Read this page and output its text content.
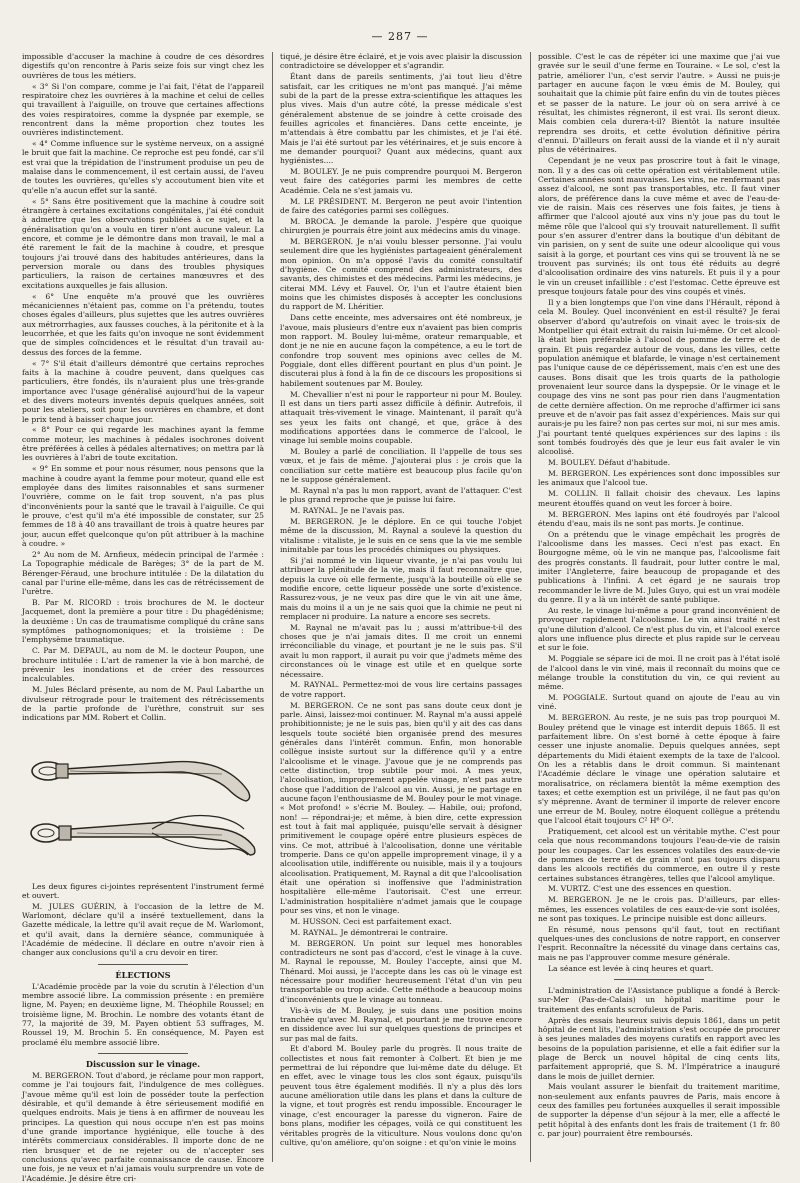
— 287 —

impossible d'accuser la machine à coudre de ces désordres digestifs qu'on rencontre à Paris seize fois sur vingt chez les ouvrières de tous les métiers.

« 3° Si l'on compare, comme je l'ai fait, l'état de l'appareil respiratoire chez les ouvrières à la machine et celui de celles qui travaillent à l'aiguille, on trouve que certaines affections des voies respiratoires, comme la dyspnée par exemple, se rencontrent dans la même proportion chez toutes les ouvrières indistinctement.

« 4° Comme influence sur le système nerveux, on a assigné le bruit que fait la machine. Ce reproche est peu fondé, car s'il est vrai que la trépidation de l'instrument produise un peu de malaise dans le commencement, il est certain aussi, de l'aveu de toutes les ouvrières, qu'elles s'y accoutument bien vite et qu'elle n'a aucun effet sur la santé.

« 5° Sans être positivement que la machine à coudre soit étrangère à certaines excitations congénitales, j'ai été conduit à admettre que les observations publiées à ce sujet, et la généralisation qu'on a voulu en tirer n'ont aucune valeur. La encore, et comme je le démontre dans mon travail, le mal a été rarement le fait de la machine à coudre, et presque toujours j'ai trouvé dans des habitudes antérieures, dans la perversion morale ou dans des troubles physiques particuliers, la raison de certaines manœuvres et des excitations auxquelles je fais allusion.

« 6° Une enquête m'a prouvé que les ouvrières mécaniciennes n'étaient pas, comme on l'a prétendu, toutes choses égales d'ailleurs, plus sujettes que les autres ouvrières aux métrorrhagies, aux fausses couches, à la péritonite et à la leucorrhée, et que les faits qu'on invoque ne sont évidemment que de simples coïncidences et le résultat d'un travail au-dessus des forces de la femme.

« 7° S'il était d'ailleurs démontré que certains reproches faits à la machine à coudre peuvent, dans quelques cas particuliers, être fondés, ils n'auraient plus une très-grande importance avec l'usage généralisé aujourd'hui de la vapeur et des divers moteurs inventés depuis quelques années, soit pour les ateliers, soit pour les ouvrières en chambre, et dont le prix tend à baisser chaque jour.

« 8° Pour ce qui regarde les machines ayant la femme comme moteur, les machines à pédales isochrones doivent être préférées à celles à pédales alternatives; on mettra par là les ouvrières à l'abri de toute excitation.

« 9° En somme et pour nous résumer, nous pensons que la machine à coudre ayant la femme pour moteur, quand elle est employée dans des limites raisonnables et sans surmener l'ouvrière, comme on le fait trop souvent, n'a pas plus d'inconvénients pour la santé que le travail à l'aiguille. Ce qui le prouve, c'est qu'il m'a été impossible de constater, sur 25 femmes de 18 à 40 ans travaillant de trois à quatre heures par jour, aucun effet quelconque qu'on pût attribuer à la machine à coudre. »

2° Au nom de M. Arnfieux, médecin principal de l'armée : La Topographie médicale de Barèges; 3° de la part de M. Bérenger-Féraud, une brochure intitulée : De la dilatation du canal par l'urine elle-même, dans les cas de rétrécissement de l'urètre.

B. Par M. RICORD : trois brochures de M. le docteur Jacquemet, dont la première a pour titre : Du phagédénisme; la deuxième : Un cas de traumatisme compliqué du crâne sans symptômes pathognomoniques; et la troisième : De l'emphysème traumatique.

C. Par M. DEPAUL, au nom de M. le docteur Poupon, une brochure intitulée : L'art de ramener la vie à bon marché, de prévenir les inondations et de créer des ressources incalculables.

M. Jules Béclard présente, au nom de M. Paul Labarthe un divulseur rétrograde pour le traitement des rétrécissements de la partie profonde de l'urèthre, construit sur ses indications par MM. Robert et Collin.

Les deux figures ci-jointes représentent l'instrument fermé et ouvert.

M. JULES GUÉRIN, à l'occasion de la lettre de M. Warlomont, déclare qu'il a inséré textuellement, dans la Gazette médicale, la lettre qu'il avait reçue de M. Warlomont, et qu'il avait, dans la dernière séance, communiquée à l'Académie de médecine. Il déclare en outre n'avoir rien à changer aux conclusions qu'il a cru devoir en tirer.

ÉLECTIONS

L'Académie procède par la voie du scrutin à l'élection d'un membre associé libre. La commission présente : en première ligne, M. Payen; en deuxième ligne, M. Théophile Roussel; en troisième ligne, M. Brochin. Le nombre des votants étant de 77, la majorité de 39, M. Payen obtient 53 suffrages, M. Roussel 19, M. Brochin 5. En conséquence, M. Payen est proclamé élu membre associé libre.

Discussion sur le vinage.

M. BERGERON. Tout d'abord, je réclame pour mon rapport, comme je l'ai toujours fait, l'indulgence de mes collègues. J'avoue même qu'il est loin de posséder toute la perfection désirable, et qu'il demande à être sérieusement modifié en quelques endroits. Mais je tiens à en affirmer de nouveau les principes. La question qui nous occupe n'en est pas moins d'une grande importance hygiénique, elle touche à des intérêts commerciaux considérables. Il importe donc de ne rien brusquer et de ne rejeter ou de n'accepter ses conclusions qu'avec parfaite connaissance de cause. Encore une fois, je ne veux et n'ai jamais voulu surprendre un vote de l'Académie. Je désire être cri-

tiqué, je désire être éclairé, et je vois avec plaisir la discussion contradictoire se développer et s'agrandir.

Étant dans de pareils sentiments, j'ai tout lieu d'être satisfait, car les critiques ne m'ont pas manqué. J'ai même subi de la part de la presse extra-scientifique les attaques les plus vives. Mais d'un autre côté, la presse médicale s'est généralement abstenue de se joindre à cette croisade des feuilles agricoles et financières. Dans cette enceinte, je m'attendais à être combattu par les chimistes, et je l'ai été. Mais je l'ai été surtout par les vétérinaires, et je suis encore à me demander pourquoi? Quant aux médecins, quant aux hygiénistes....

M. BOULEY. Je ne puis comprendre pourquoi M. Bergeron veut faire des catégories parmi les membres de cette Académie. Cela ne s'est jamais vu.

M. LE PRÉSIDENT. M. Bergeron ne peut avoir l'intention de faire des catégories parmi ses collègues.

M. BROCA. Je demande la parole. J'espère que quoique chirurgien je pourrais être joint aux médecins amis du vinage.

M. BERGERON. Je n'ai voulu blesser personne. J'ai voulu seulement dire que les hygiénistes partageaient généralement mon opinion. On m'a opposé l'avis du comité consultatif d'hygiène. Ce comité comprend des administrateurs, des savants, des chimistes et des médecins. Parmi les médecins, je citerai MM. Lévy et Fauvel. Or, l'un et l'autre étaient bien moins que les chimistes disposés à accepter les conclusions du rapport de M. Lhéritier.

Dans cette enceinte, mes adversaires ont été nombreux, je l'avoue, mais plusieurs d'entre eux n'avaient pas bien compris mon rapport. M. Bouley lui-même, orateur remarquable, et dont je ne nie en aucune façon la compétence, a eu le tort de confondre trop souvent mes opinions avec celles de M. Poggiale, dont elles diffèrent pourtant en plus d'un point. Je discuterai plus à fond à la fin de ce discours les propositions si habilement soutenues par M. Bouley.

M. Chevallier n'est ni pour le rapporteur ni pour M. Bouley. Il est dans un tiers parti assez difficile à définir. Autrefois, il attaquait très-vivement le vinage. Maintenant, il paraît qu'à ses yeux les faits ont changé, et que, grâce à des modifications apportées dans le commerce de l'alcool, le vinage lui semble moins coupable.

M. Bouley a parlé de conciliation. Il l'appelle de tous ses vœux, et je fais de même. J'ajouterai plus : je crois que la conciliation sur cette matière est beaucoup plus facile qu'on ne le suppose généralement.

M. Raynal n'a pas lu mon rapport, avant de l'attaquer. C'est le plus grand reproche que je puisse lui faire.

M. RAYNAL. Je ne l'avais pas.

M. BERGERON. Je le déplore. En ce qui touche l'objet même de la discussion, M. Raynal a soulevé la question du vitalisme : vitaliste, je le suis en ce sens que la vie me semble inimitable par tous les procédés chimiques ou physiques.

Si j'ai nommé le vin liqueur vivante, je n'ai pas voulu lui attribuer la plénitude de la vie, mais il faut reconnaître que, depuis la cuve où elle fermente, jusqu'à la bouteille où elle se modifie encore, cette liqueur possède une sorte d'existence. Rassurez-vous, je ne veux pas dire que le vin ait une âme, mais du moins il a un je ne sais quoi que la chimie ne peut ni remplacer ni produire. La nature a encore ses secrets.

M. Raynal ne m'avait pas lu ; aussi m'attribue-t-il des choses que je n'ai jamais dites. Il me croit un ennemi irréconciliable du vinage, et pourtant je ne le suis pas. S'il avait lu mon rapport, il aurait pu voir que j'admets même des circonstances où le vinage est utile et en quelque sorte nécessaire.

M. RAYNAL. Permettez-moi de vous lire certains passages de votre rapport.

M. BERGERON. Ce ne sont pas sans doute ceux dont je parle. Ainsi, laissez-moi continuer. M. Raynal m'a aussi appelé prohibitionniste; je ne le suis pas, bien qu'il y ait des cas dans lesquels toute société bien organisée prend des mesures générales dans l'intérêt commun. Enfin, mon honorable collègue insiste surtout sur la différence qu'il y a entre l'alcoolisme et le vinage. J'avoue que je ne comprends pas cette distinction, trop subtile pour moi. A mes yeux, l'alcoolisation, improprement appelée vinage, n'est pas autre chose que l'addition de l'alcool au vin. Aussi, je ne partage en aucune façon l'enthousiasme de M. Bouley pour le mot vinage. « Mot profond! » s'écrie M. Bouley. — Habile, oui; profond, non! — répondrai-je; et même, à bien dire, cette expression est tout à fait mal appliquée, puisqu'elle servait à désigner primitivement le coupage opéré entre plusieurs espèces de vins. Ce mot, attribué à l'alcoolisation, donne une véritable tromperie. Dans ce qu'on appelle improprement vinage, il y a alcoolisation utile, indifférente ou nuisible, mais il y a toujours alcoolisation. Pratiquement, M. Raynal a dit que l'alcoolisation était une opération si inoffensive que l'administration hospitalière elle-même l'autorisait. C'est une erreur. L'administration hospitalière n'admet jamais que le coupage pour ses vins, et non le vinage.

M. HUSSON. Ceci est parfaitement exact.

M. RAYNAL. Je démontrerai le contraire.

M. BERGERON. Un point sur lequel mes honorables contradicteurs ne sont pas d'accord, c'est le vinage à la cuve. M. Raynal le repousse, M. Bouley l'accepte, ainsi que M. Thénard. Moi aussi, je l'accepte dans les cas où le vinage est nécessaire pour modifier heureusement l'état d'un vin peu transportable ou trop acide. Cette méthode a beaucoup moins d'inconvénients que le vinage au tonneau.

Vis-à-vis de M. Bouley, je suis dans une position moins tranchée qu'avec M. Raynal, et pourtant je me trouve encore en dissidence avec lui sur quelques questions de principes et sur pas mal de faits.

Et d'abord M. Bouley parle du progrès. Il nous traite de collectistes et nous fait remonter à Colbert. Et bien je me permettrai de lui répondre que lui-même date du déluge. Et en effet, avec le vinage tous les clos sont égaux, puisqu'ils peuvent tous être également modifiés. Il n'y a plus dès lors aucune amélioration utile dans les plans et dans la culture de la vigne, et tout progrès est rendu impossible. Encourager le vinage, c'est encourager la paresse du vigneron. Faire de bons plans, modifier les cépages, voilà ce qui constituent les véritables progrès de la viticulture. Nous voulons donc qu'on cultive, qu'on améliore, qu'on soigne : et qu'on vinie le moins

possible. C'est le cas de répéter ici une maxime que j'ai vue gravée sur le seuil d'une ferme en Touraine. « Le sol, c'est la patrie, améliorer l'un, c'est servir l'autre. » Aussi ne puis-je partager en aucune façon le vœu émis de M. Bouley, qui souhaitait que la chimie pût faire enfin du vin de toutes pièces et se passer de la nature. Le jour où on sera arrivé à ce résultat, les chimistes régneront, il est vrai. Ils seront dieux. Mais combien cela durera-t-il? Bientôt la nature insultée reprendra ses droits, et cette évolution définitive périra d'ennui. D'ailleurs on ferait aussi de la viande et il n'y aurait plus de vétérinaires.

Cependant je ne veux pas proscrire tout à fait le vinage, non. Il y a des cas où cette opération est véritablement utile. Certaines années sont mauvaises. Les vins, ne renfermant pas assez d'alcool, ne sont pas transportables, etc. Il faut viner alors, de préférence dans la cuve même et avec de l'eau-de-vie de raisin. Mais ces réserves une fois faites, je tiens à affirmer que l'alcool ajouté aux vins n'y joue pas du tout le même rôle que l'alcool qui s'y trouvait naturellement. Il suffit pour s'en assurer d'entrer dans la boutique d'un débitant de vin parisien, on y sent de suite une odeur alcoolique qui vous saisit à la gorge, et pourtant ces vins qui se trouvent là ne se trouvent pas survinés; ils ont tous été réduits au degré d'alcoolisation ordinaire des vins naturels. Et puis il y a pour le vin un creuset infaillible : c'est l'estomac. Cette épreuve est presque toujours fatale pour des vins coupés et vinés.

Il y a bien longtemps que l'on vine dans l'Hérault, répond à cela M. Bouley. Quel inconvénient en est-il résulté? Je ferai observer d'abord qu'autrefois on vinait avec le trois-six de Montpellier qui était extrait du raisin lui-même. Or cet alcool-là était bien préférable à l'alcool de pomme de terre et de grain. Et puis regardez autour de vous, dans les villes, cette population anémique et blafarde, le vinage n'est certainement pas l'unique cause de ce dépérissement, mais c'en est une des causes. Bons disait que les trois quarts de la pathologie provenaient leur source dans la dyspepsie. Or le vinage et le coupage des vins ne sont pas pour rien dans l'augmentation de cette dernière affection. On me reproche d'affirmer ici sans preuve et de n'avoir pas fait assez d'expériences. Mais sur qui aurais-je pu les faire? non pas certes sur moi, ni sur mes amis. J'ai pourtant tenté quelques expériences sur des lapins : ils sont tombés foudroyés dès que je leur eus fait avaler le vin alcoolisé.

M. BOULEY. Défaut d'habitude.

M. BERGERON. Les expériences sont donc impossibles sur les animaux que l'alcool tue.

M. COLLIN. Il fallait choisir des chevaux. Les lapins meurent étouffés quand on veut les forcer à boire.

M. BERGERON. Mes lapins ont été foudroyés par l'alcool étendu d'eau, mais ils ne sont pas morts. Je continue.

On a prétendu que le vinage empêchait les progrès de l'alcoolisme dans les masses. Ceci n'est pas exact. En Bourgogne même, où le vin ne manque pas, l'alcoolisme fait des progrès constants. Il faudrait, pour lutter contre le mal, imiter l'Angleterre, faire beaucoup de propagande et des publications à l'infini. A cet égard je ne saurais trop recommander le livre de M. Jules Guyo, qui est un vrai modèle du genre. Il y a là un intérêt de santé publique.

Au reste, le vinage lui-même a pour grand inconvénient de provoquer rapidement l'alcoolisme. Le vin ainsi traité n'est qu'une dilution d'alcool. Ce n'est plus du vin, et l'alcool exerce alors une influence plus directe et plus rapide sur le cerveau et sur le foie.

M. Poggiale se sépare ici de moi. Il ne croit pas à l'état isolé de l'alcool dans le vin viné, mais il reconnaît du moins que ce mélange trouble la constitution du vin, ce qui revient au même.

M. POGGIALE. Surtout quand on ajoute de l'eau au vin viné.

M. BERGERON. Au reste, je ne suis pas trop pourquoi M. Bouley prétend que le vinage est interdit depuis 1865. Il est parfaitement libre. On s'est borné à cette époque à faire cesser une injuste anomalie. Depuis quelques années, sept départements du Midi étaient exempts de la taxe de l'alcool. On les a rétablis dans le droit commun. Si maintenant l'Académie déclare le vinage une opération salutaire et moralisatrice, on réclamera bientôt la même exemption des taxes; et cette exemption est un privilége, il ne faut pas qu'on s'y méprenne. Avant de terminer il importe de relever encore une erreur de M. Bouley, notre éloquent collègue a prétendu que l'alcool était toujours C² H⁶ O².

Pratiquement, cet alcool est un véritable mythe. C'est pour cela que nous recommandons toujours l'eau-de-vie de raisin pour les coupages. Car les essences volatiles des eaux-de-vie de pommes de terre et de grain n'ont pas toujours disparu dans les alcools rectifiés du commerce, en outre il y reste certaines substances étrangères, telles que l'alcool amylique.

M. VURTZ. C'est une des essences en question.

M. BERGERON. Je ne le crois pas. D'ailleurs, par elles-mêmes, les essences volatiles de ces eaux-de-vie sont isolées, ne sont pas toxiques. Le principe nuisible est donc ailleurs.

En résumé, nous pensons qu'il faut, tout en rectifiant quelques-unes des conclusions de notre rapport, en conserver l'esprit. Reconnaître la nécessité du vinage dans certains cas, mais ne pas l'approuver comme mesure générale.

La séance est levée à cinq heures et quart.

L'administration de l'Assistance publique a fondé à Berck-sur-Mer (Pas-de-Calais) un hôpital maritime pour le traitement des enfants scrofuleux de Paris.

Après des essais heureux suivis depuis 1861, dans un petit hôpital de cent lits, l'administration s'est occupée de procurer à ses jeunes malades des moyens curatifs en rapport avec les besoins de la population parisienne, et elle a fait édifier sur la plage de Berck un nouvel hôpital de cinq cents lits, parfaitement approprié, que S. M. l'Impératrice a inauguré dans le mois de juillet dernier.

Mais voulant assurer le bienfait du traitement maritime, non-seulement aux enfants pauvres de Paris, mais encore à ceux des familles peu fortunées auxquelles il serait impossible de supporter la dépense d'un séjour à la mer, elle a affecté le petit hôpital à des enfants dont les frais de traitement (1 fr. 80 c. par jour) pourraient être remboursés.
